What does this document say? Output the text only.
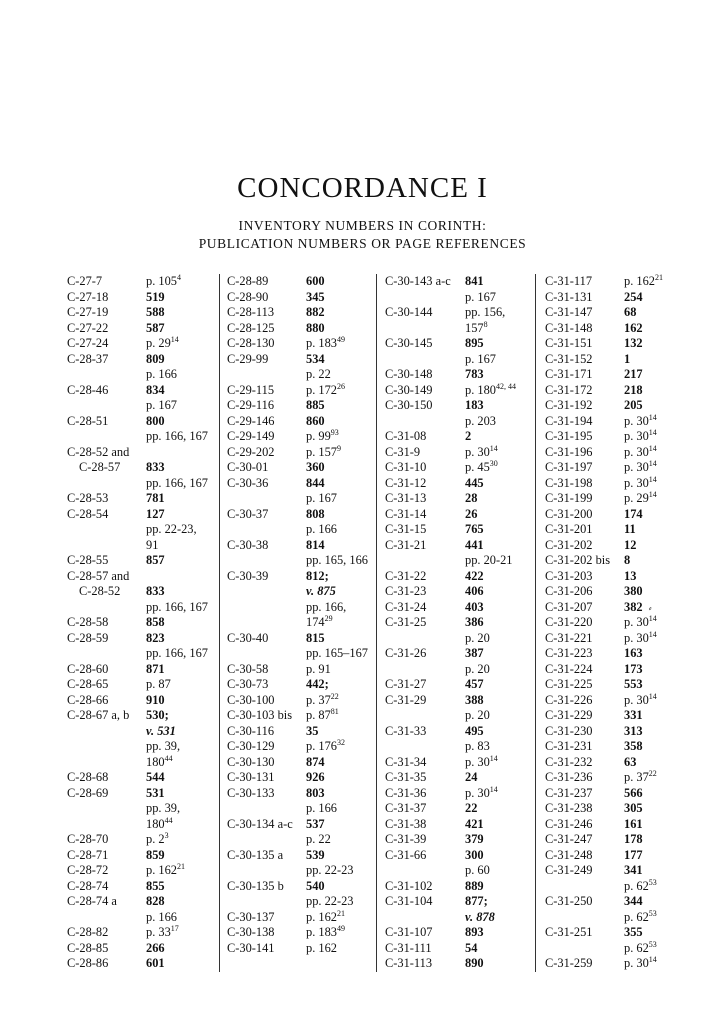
CONCORDANCE I
INVENTORY NUMBERS IN CORINTH:
PUBLICATION NUMBERS OR PAGE REFERENCES
C-27-7	p. $105^4$
C-27-18	519
C-27-19	588
C-27-22	587
C-27-24	p. $29^{14}$
C-28-37	809
p. 166
C-28-46	834
p. 167
C-28-51	800
pp. 166, 167
C-28-52 and
C-28-57 833
pp. 166, 167
C-28-53	781
C-28-54	127
pp. 22-23,
91
C-28-55	857
C-28-57 and
C-28-52 833
pp. 166, 167
C-28-58	858
C-28-59	823
pp. 166, 167
C-28-60	871
C-28-65	p. 87
C-28-66	910
C-28-67 a, b 530;
v. 531
pp. 39,
$180^{44}$
C-28-68	544
C-28-69	531
pp. 39,
$180^{44}$
C-28-70	p. $2^3$
C-28-71	859
C-28-72	p. $162^{21}$
C-28-74	855
C-28-74 a 828
p. 166
C-28-82	p. $33^{17}$
C-28-85	266
C-28-86	601
C-28-89	600
C-28-90	345
C-28-113	882
C-28-125	880
C-28-130	p. $183^{49}$
C-29-99	534
p. 22
C-29-115	p. $172^{26}$
C-29-116	885
C-29-146	860
C-29-149	p. $99^{93}$
C-29-202	p. $157^9$
C-30-01	360
C-30-36	844
p. 167
C-30-37	808
p. 166
C-30-38	814
pp. 165, 166
C-30-39	812;
v. 875
pp. 166,
$174^{29}$
C-30-40	815
pp. 165–167
C-30-58	p. 91
C-30-73	442;
C-30-100	p. $37^{22}$
C-30-103 bis p. $87^{81}$
C-30-116	35
C-30-129	p. $176^{32}$
C-30-130	874
C-30-131	926
C-30-133	803
p. 166
C-30-134 a-c 537
p. 22
C-30-135 a 539
pp. 22-23
C-30-135 b 540
pp. 22-23
C-30-137	p. $162^{21}$
C-30-138	p. $183^{49}$
C-30-141	p. 162
C-30-143 a-c 841
p. 167
C-30-144	pp. 156,
$157^8$
C-30-145	895
p. 167
C-30-148	783
C-30-149	p. 180$^{42, 44}$
C-30-150	183
p. 203
C-31-08	2
C-31-9	p. $30^{14}$
C-31-10	p. $45^{30}$
C-31-12	445
C-31-13	28
C-31-14	26
C-31-15	765
C-31-21	441
pp. 20-21
C-31-22	422
C-31-23	406
C-31-24	403
C-31-25	386
p. 20
C-31-26	387
p. 20
C-31-27	457
C-31-29	388
p. 20
C-31-33	495
p. 83
C-31-34	p. $30^{14}$
C-31-35	24
C-31-36	p. $30^{14}$
C-31-37	22
C-31-38	421
C-31-39	379
C-31-66	300
p. 60
C-31-102	889
C-31-104	877;
v. 878
C-31-107	893
C-31-111	54
C-31-113	890
C-31-117	p. $162^{21}$
C-31-131	254
C-31-147	68
C-31-148	162
C-31-151	132
C-31-152	1
C-31-171	217
C-31-172	218
C-31-192	205
C-31-194	p. $30^{14}$
C-31-195	p. $30^{14}$
C-31-196	p. $30^{14}$
C-31-197	p. $30^{14}$
C-31-198	p. $30^{14}$
C-31-199	p. $29^{14}$
C-31-200	174
C-31-201	11
C-31-202	12
C-31-202 bis 8
C-31-203	13
C-31-206	380
C-31-207	382 ⸗
C-31-220	p. $30^{14}$
C-31-221	p. $30^{14}$
C-31-223	163
C-31-224	173
C-31-225	553
C-31-226	p. $30^{14}$
C-31-229	331
C-31-230	313
C-31-231	358
C-31-232	63
C-31-236	p. $37^{22}$
C-31-237	566
C-31-238	305
C-31-246	161
C-31-247	178
C-31-248	177
C-31-249	341
p. $62^{53}$
C-31-250	344
p. $62^{53}$
C-31-251	355
p. $62^{53}$
C-31-259	p. $30^{14}$
